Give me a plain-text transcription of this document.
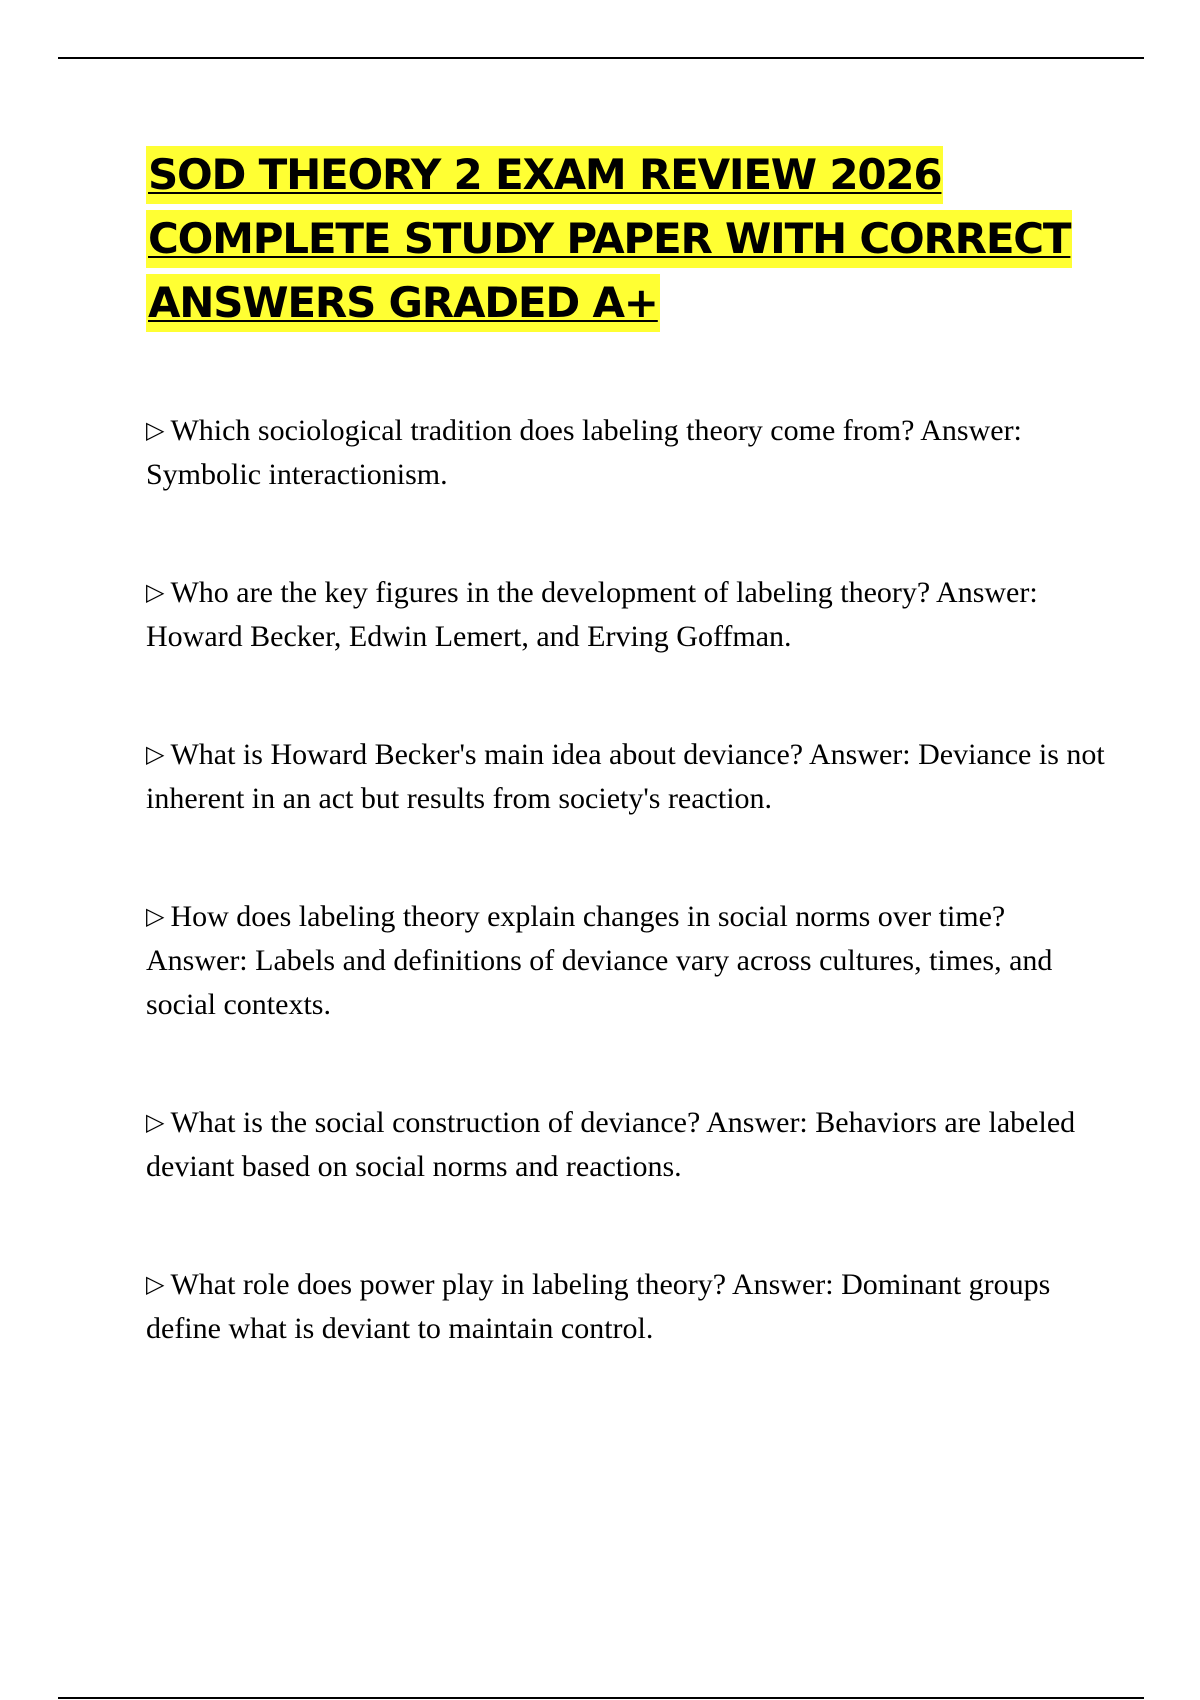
SOD THEORY 2 EXAM REVIEW 2026
COMPLETE STUDY PAPER WITH CORRECT
ANSWERS GRADED A+
▷ Which sociological tradition does labeling theory come from? Answer: Symbolic interactionism.
▷ Who are the key figures in the development of labeling theory? Answer: Howard Becker, Edwin Lemert, and Erving Goffman.
▷ What is Howard Becker's main idea about deviance? Answer: Deviance is not inherent in an act but results from society's reaction.
▷ How does labeling theory explain changes in social norms over time? Answer: Labels and definitions of deviance vary across cultures, times, and social contexts.
▷ What is the social construction of deviance? Answer: Behaviors are labeled deviant based on social norms and reactions.
▷ What role does power play in labeling theory? Answer: Dominant groups define what is deviant to maintain control.
